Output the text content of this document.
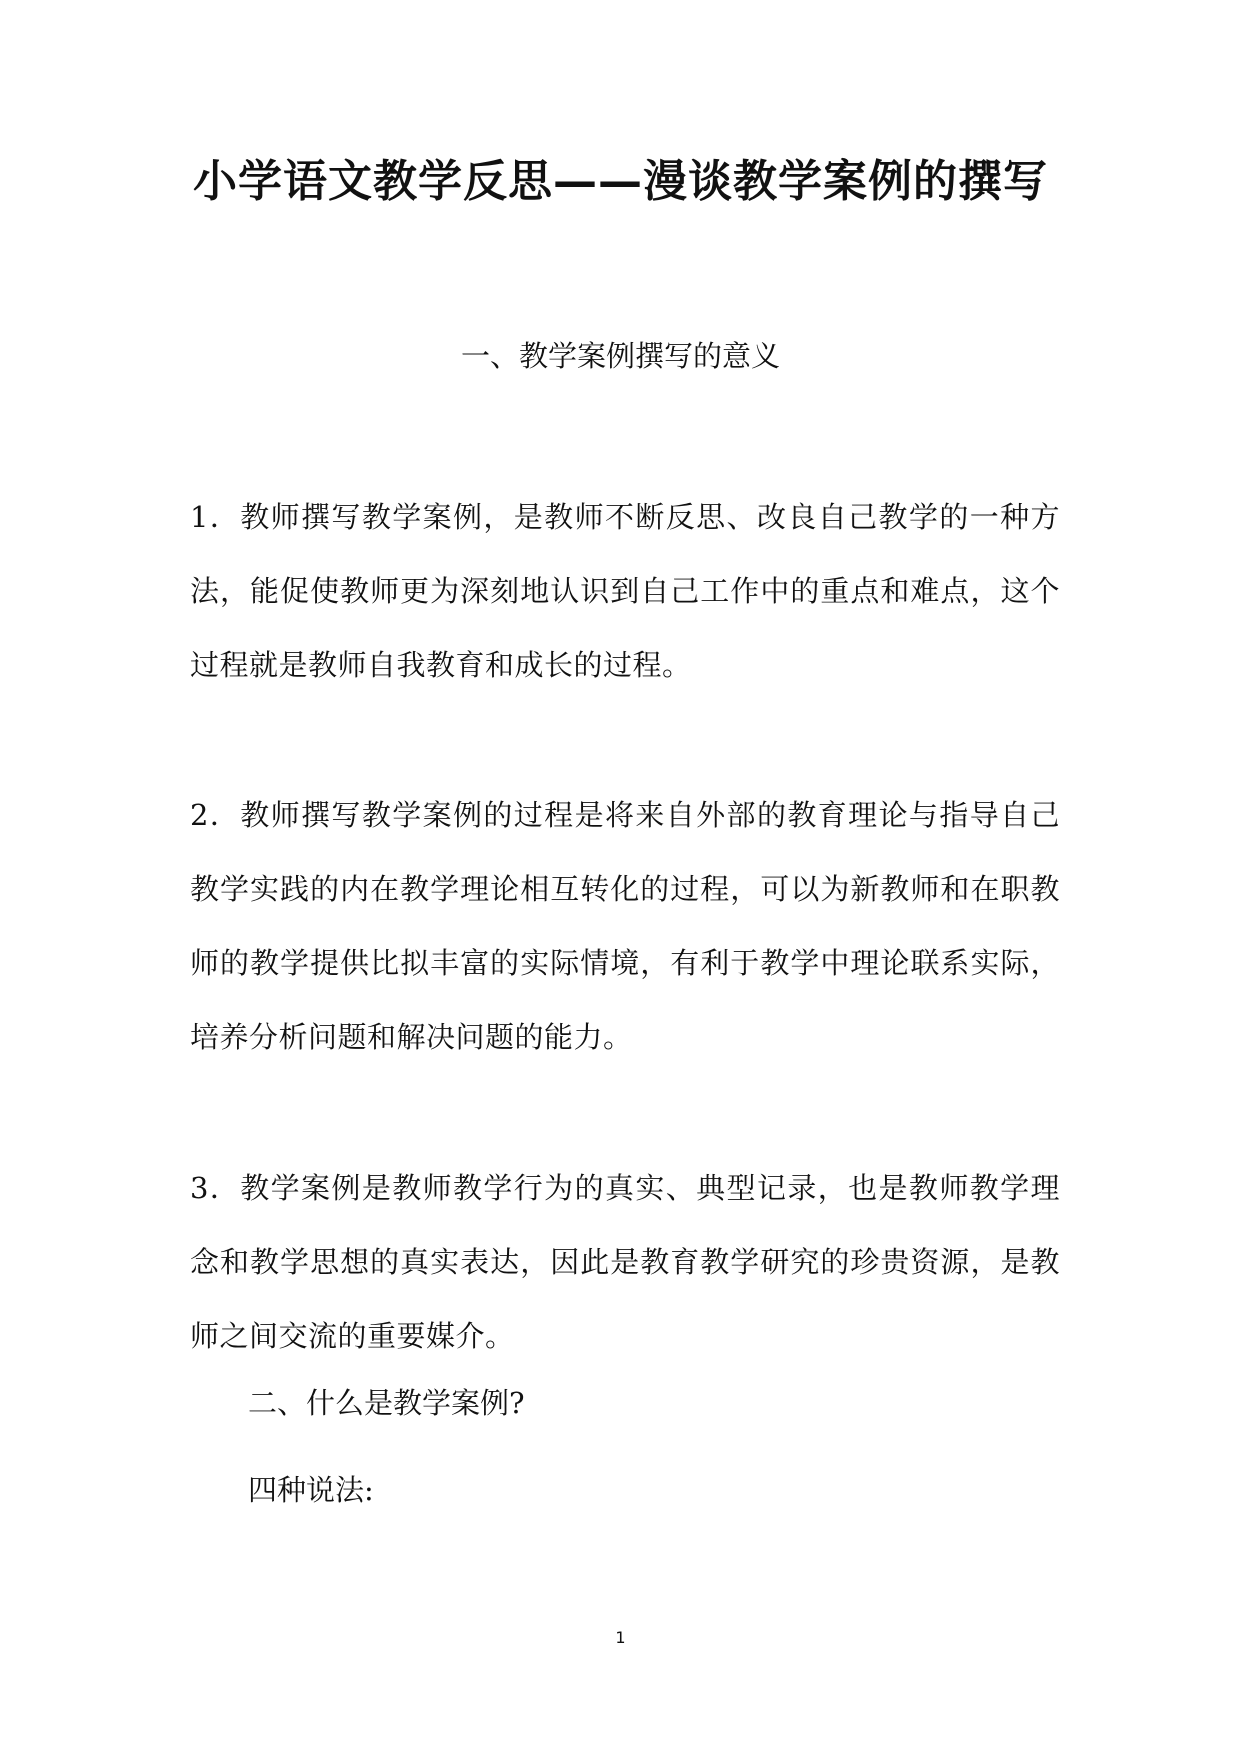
小学语文教学反思——漫谈教学案例的撰写
一、教学案例撰写的意义
1．教师撰写教学案例，是教师不断反思、改良自己教学的一种方法，能促使教师更为深刻地认识到自己工作中的重点和难点，这个过程就是教师自我教育和成长的过程。
2．教师撰写教学案例的过程是将来自外部的教育理论与指导自己教学实践的内在教学理论相互转化的过程，可以为新教师和在职教师的教学提供比拟丰富的实际情境，有利于教学中理论联系实际，培养分析问题和解决问题的能力。
3．教学案例是教师教学行为的真实、典型记录，也是教师教学理念和教学思想的真实表达，因此是教育教学研究的珍贵资源，是教师之间交流的重要媒介。
二、什么是教学案例?
四种说法:
1
